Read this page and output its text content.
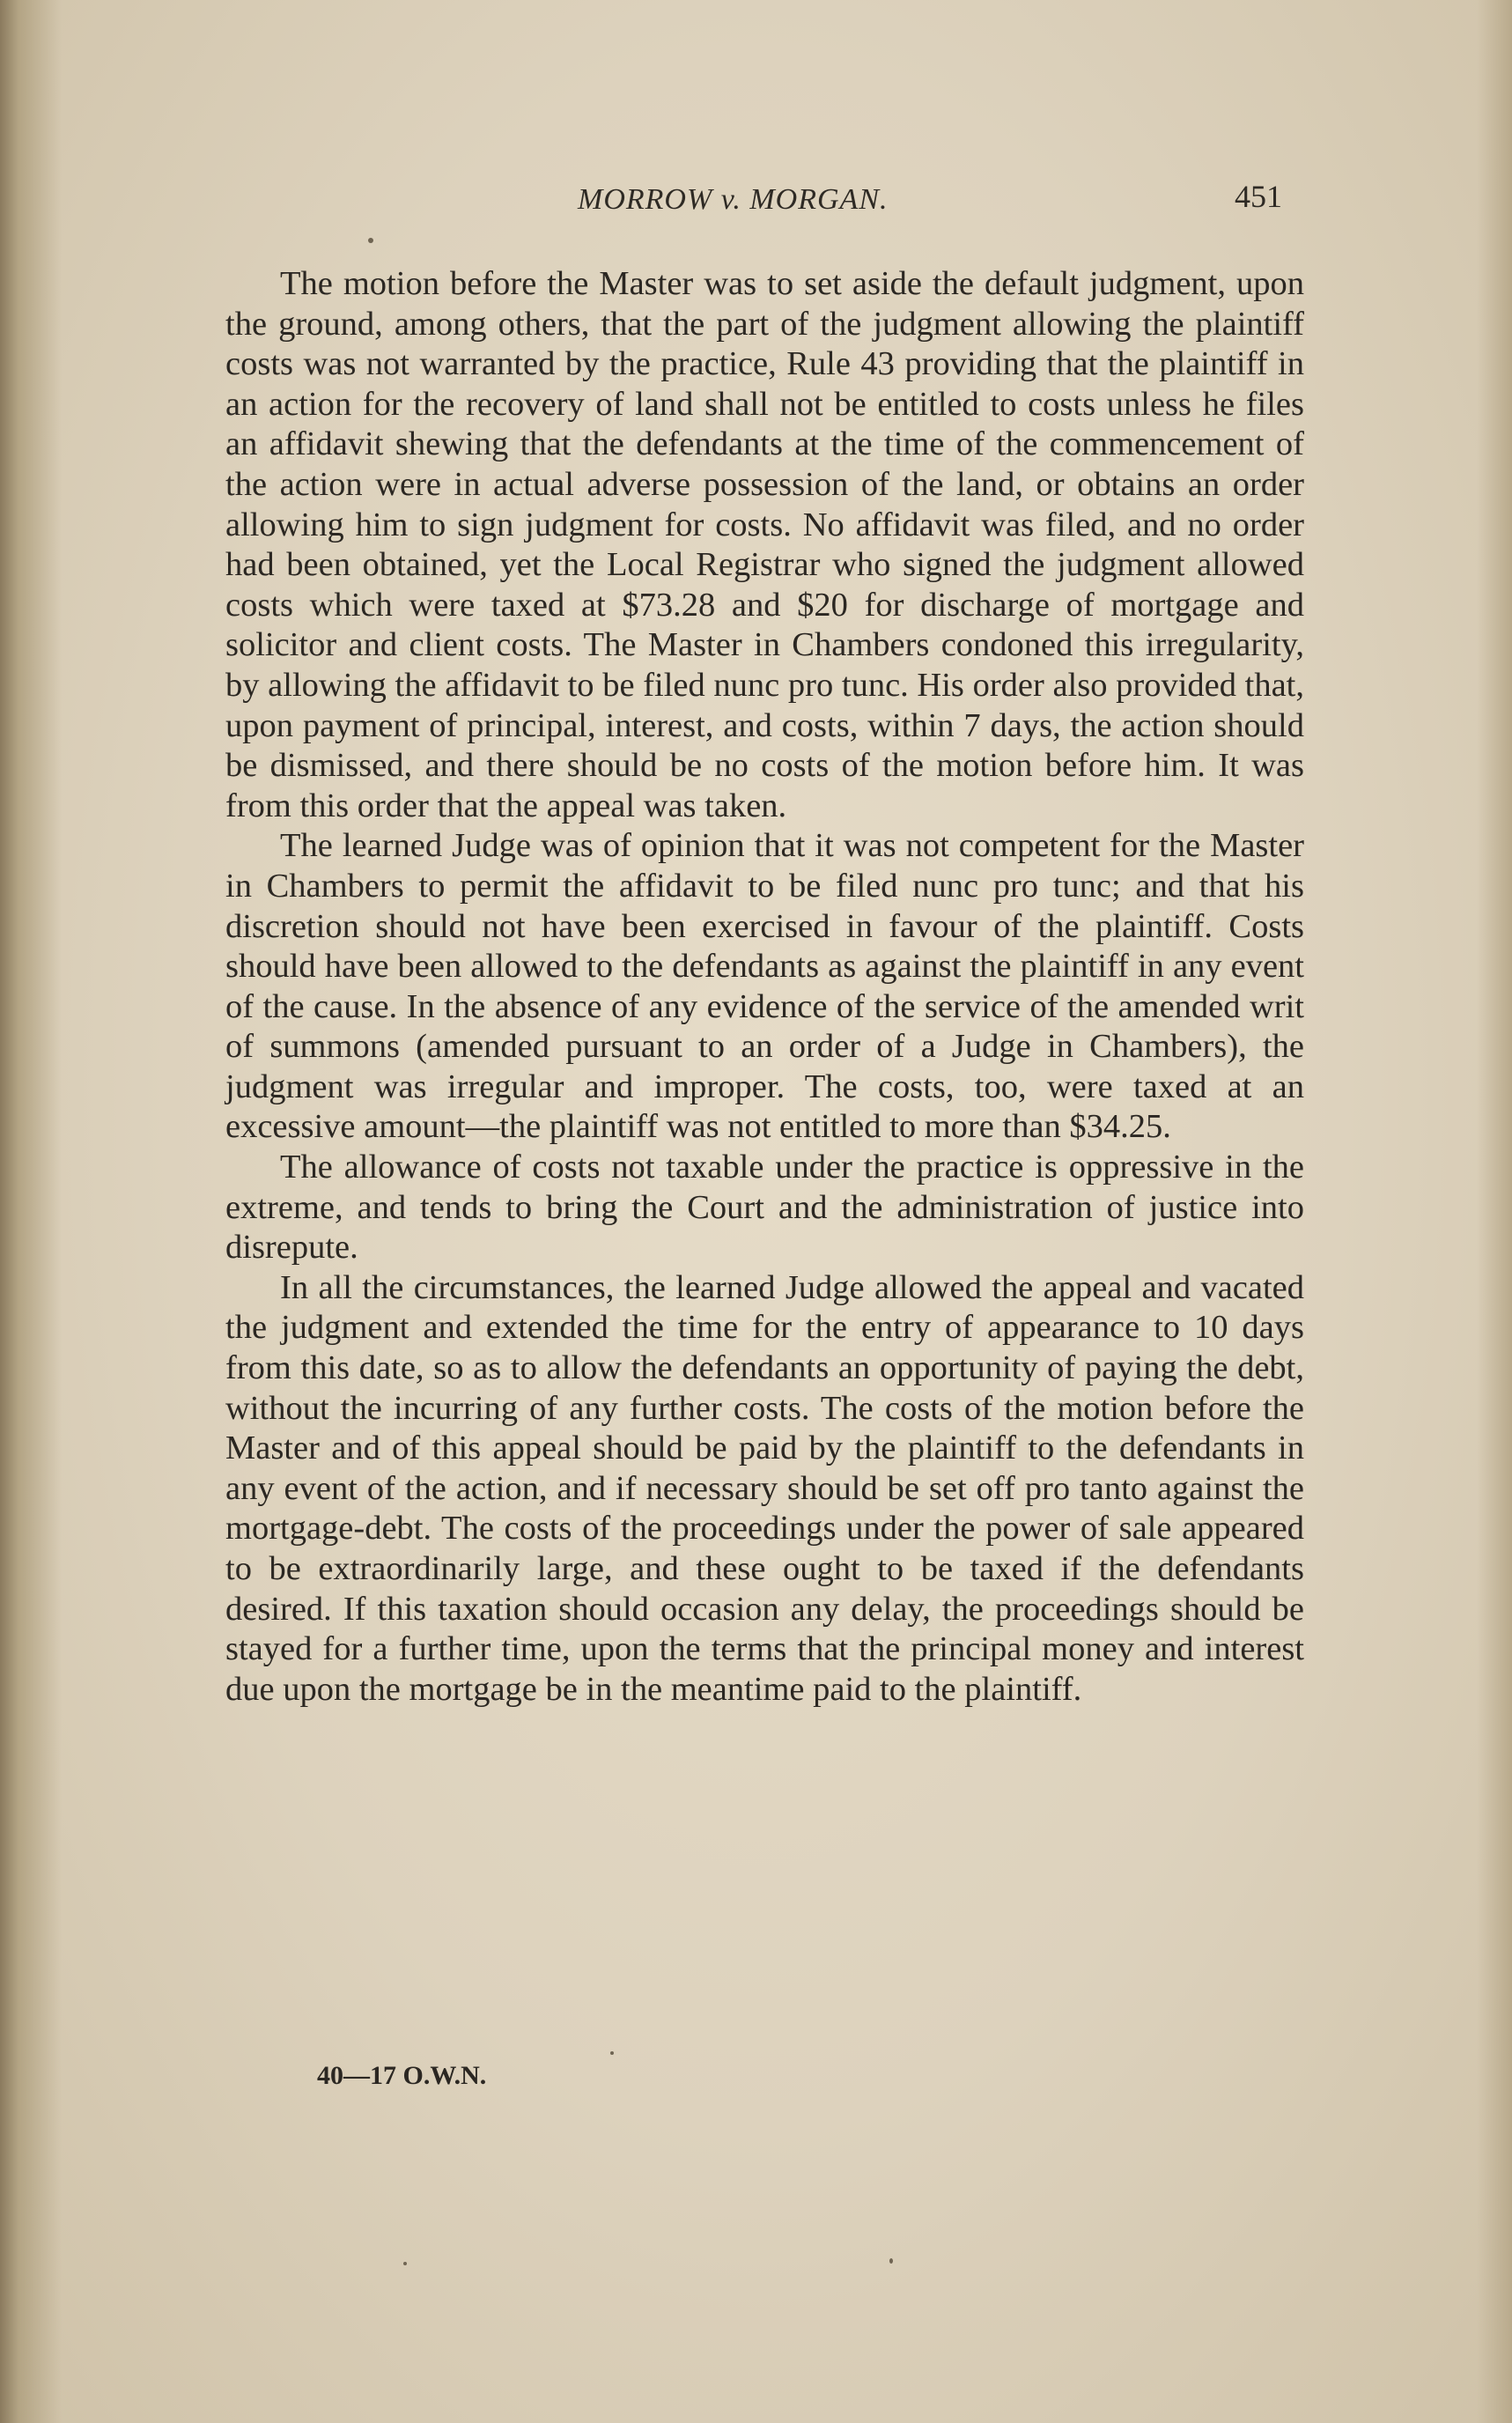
MORROW v. MORGAN.	451

The motion before the Master was to set aside the default judgment, upon the ground, among others, that the part of the judgment allowing the plaintiff costs was not warranted by the practice, Rule 43 providing that the plaintiff in an action for the recovery of land shall not be entitled to costs unless he files an affidavit shewing that the defendants at the time of the commencement of the action were in actual adverse possession of the land, or obtains an order allowing him to sign judgment for costs. No affidavit was filed, and no order had been obtained, yet the Local Registrar who signed the judgment allowed costs which were taxed at $73.28 and $20 for discharge of mortgage and solicitor and client costs. The Master in Chambers condoned this irregularity, by allowing the affidavit to be filed nunc pro tunc. His order also provided that, upon payment of principal, interest, and costs, within 7 days, the action should be dismissed, and there should be no costs of the motion before him. It was from this order that the appeal was taken.

The learned Judge was of opinion that it was not competent for the Master in Chambers to permit the affidavit to be filed nunc pro tunc; and that his discretion should not have been exercised in favour of the plaintiff. Costs should have been allowed to the defendants as against the plaintiff in any event of the cause. In the absence of any evidence of the service of the amended writ of summons (amended pursuant to an order of a Judge in Chambers), the judgment was irregular and improper. The costs, too, were taxed at an excessive amount—the plaintiff was not entitled to more than $34.25.

The allowance of costs not taxable under the practice is oppressive in the extreme, and tends to bring the Court and the administration of justice into disrepute.

In all the circumstances, the learned Judge allowed the appeal and vacated the judgment and extended the time for the entry of appearance to 10 days from this date, so as to allow the defendants an opportunity of paying the debt, without the incurring of any further costs. The costs of the motion before the Master and of this appeal should be paid by the plaintiff to the defendants in any event of the action, and if necessary should be set off pro tanto against the mortgage-debt. The costs of the proceedings under the power of sale appeared to be extraordinarily large, and these ought to be taxed if the defendants desired. If this taxation should occasion any delay, the proceedings should be stayed for a further time, upon the terms that the principal money and interest due upon the mortgage be in the meantime paid to the plaintiff.

40—17 O.W.N.
